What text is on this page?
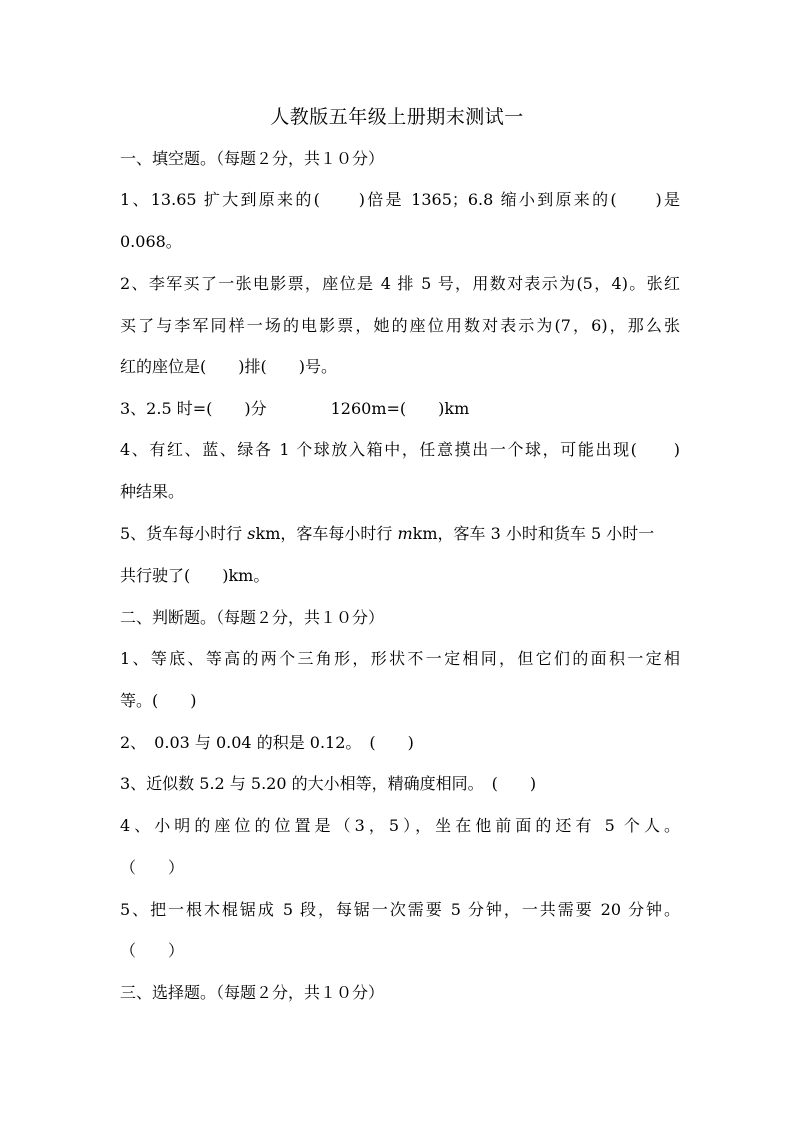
人教版五年级上册期末测试一
一、填空题。（每题２分，共１０分）
1、13.65 扩大到原来的(　　)倍是 1365；6.8 缩小到原来的(　　)是
0.068。
2、李军买了一张电影票，座位是 4 排 5 号，用数对表示为(5，4)。张红
买了与李军同样一场的电影票，她的座位用数对表示为(7，6)，那么张
红的座位是(　　)排(　　)号。
3、2.5 时=(　　)分　　　　1260m=(　　)km
4、有红、蓝、绿各 1 个球放入箱中，任意摸出一个球，可能出现(　　)
种结果。
5、货车每小时行 skm，客车每小时行 mkm，客车 3 小时和货车 5 小时一
共行驶了(　　)km。
二、判断题。（每题２分，共１０分）
1、等底、等高的两个三角形，形状不一定相同，但它们的面积一定相
等。(　　)
2、　0.03 与 0.04 的积是 0.12。　(　　)
3、近似数 5.2 与 5.20 的大小相等，精确度相同。　(　　)
4、小明的座位的位置是（3，5），坐在他前面的还有 5 个人。
（　　）
5、把一根木棍锯成 5 段，每锯一次需要 5 分钟，一共需要 20 分钟。
（　　）
三、选择题。（每题２分，共１０分）
